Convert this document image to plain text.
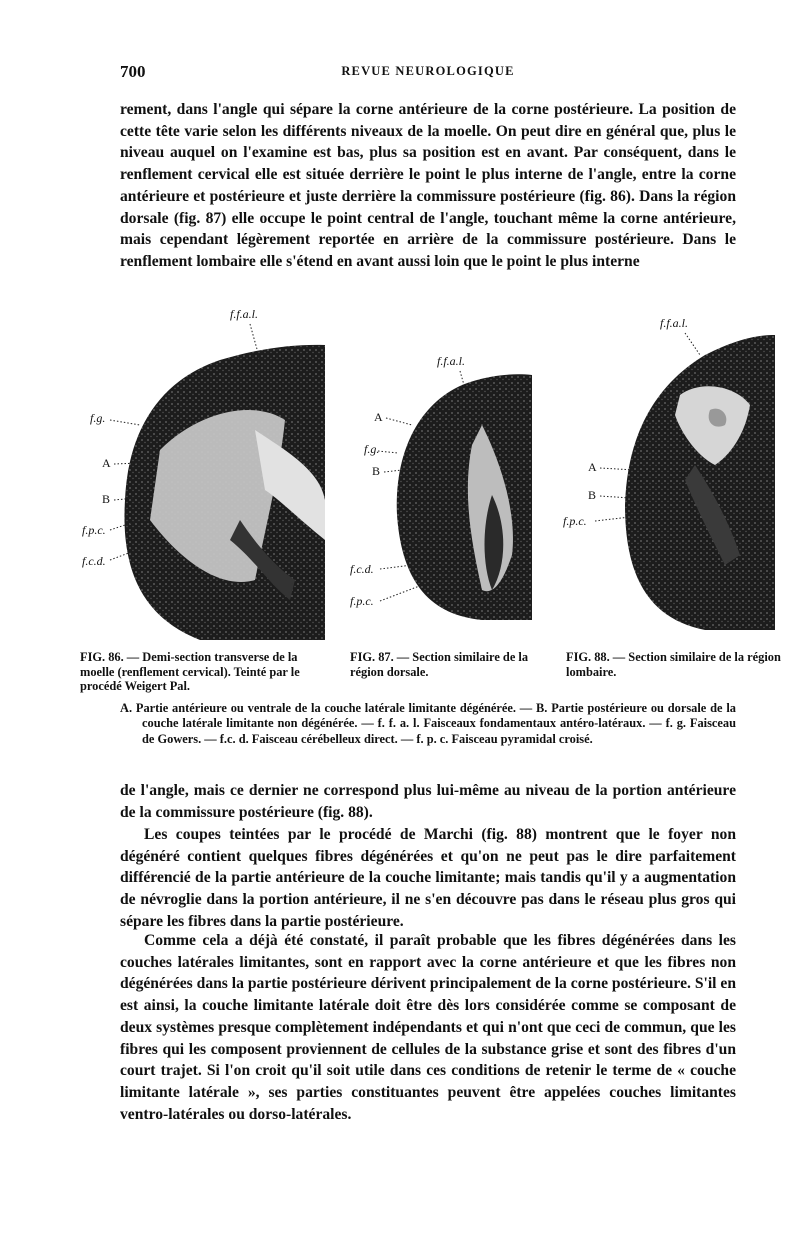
700	REVUE NEUROLOGIQUE
rement, dans l'angle qui sépare la corne antérieure de la corne postérieure. La position de cette tête varie selon les différents niveaux de la moelle. On peut dire en général que, plus le niveau auquel on l'examine est bas, plus sa position est en avant. Par conséquent, dans le renflement cervical elle est située derrière le point le plus interne de l'angle, entre la corne antérieure et postérieure et juste derrière la commissure postérieure (fig. 86). Dans la région dorsale (fig. 87) elle occupe le point central de l'angle, touchant même la corne antérieure, mais cependant légèrement reportée en arrière de la commissure postérieure. Dans le renflement lombaire elle s'étend en avant aussi loin que le point le plus interne
f.f.a.l.
f.g.
A
B
f.p.c.
f.c.d.
f.f.a.l.
A
f.g.
B
f.c.d.
f.p.c.
f.f.a.l.
A
B
f.p.c.
FIG. 86. — Demi-section transverse de la moelle (renflement cervical). Teinté par le procédé Weigert Pal.
FIG. 87. — Section similaire de la région dorsale.
FIG. 88. — Section similaire de la région lombaire.
A. Partie antérieure ou ventrale de la couche latérale limitante dégénérée. — B. Partie postérieure ou dorsale de la couche latérale limitante non dégénérée. — f. f. a. l. Faisceaux fondamentaux antéro-latéraux. — f. g. Faisceau de Gowers. — f.c. d. Faisceau cérébelleux direct. — f. p. c. Faisceau pyramidal croisé.
de l'angle, mais ce dernier ne correspond plus lui-même au niveau de la portion antérieure de la commissure postérieure (fig. 88).
Les coupes teintées par le procédé de Marchi (fig. 88) montrent que le foyer non dégénéré contient quelques fibres dégénérées et qu'on ne peut pas le dire parfaitement différencié de la partie antérieure de la couche limitante; mais tandis qu'il y a augmentation de névroglie dans la portion antérieure, il ne s'en découvre pas dans le réseau plus gros qui sépare les fibres dans la partie postérieure.
Comme cela a déjà été constaté, il paraît probable que les fibres dégénérées dans les couches latérales limitantes, sont en rapport avec la corne antérieure et que les fibres non dégénérées dans la partie postérieure dérivent principalement de la corne postérieure. S'il en est ainsi, la couche limitante latérale doit être dès lors considérée comme se composant de deux systèmes presque complètement indépendants et qui n'ont que ceci de commun, que les fibres qui les composent proviennent de cellules de la substance grise et sont des fibres d'un court trajet. Si l'on croit qu'il soit utile dans ces conditions de retenir le terme de « couche limitante latérale », ses parties constituantes peuvent être appelées couches limitantes ventro-latérales ou dorso-latérales.
